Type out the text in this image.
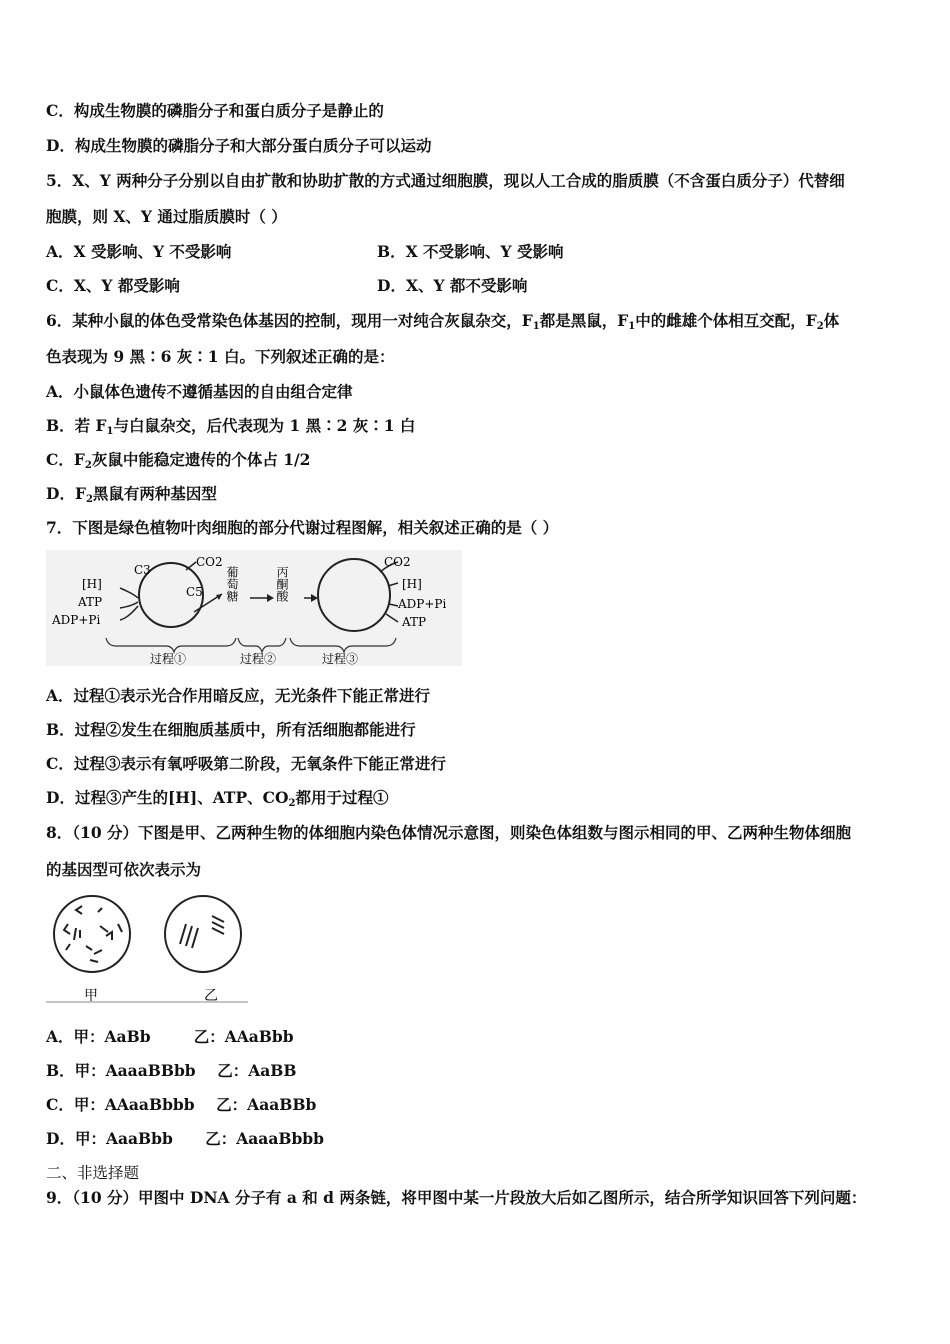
C．构成生物膜的磷脂分子和蛋白质分子是静止的
D．构成生物膜的磷脂分子和大部分蛋白质分子可以运动
5．X、Y 两种分子分别以自由扩散和协助扩散的方式通过细胞膜，现以人工合成的脂质膜（不含蛋白质分子）代替细
胞膜，则 X、Y 通过脂质膜时（ ）
A．X 受影响、Y 不受影响	B．X 不受影响、Y 受影响
C．X、Y 都受影响	D．X、Y 都不受影响
6．某种小鼠的体色受常染色体基因的控制，现用一对纯合灰鼠杂交，$F_1$都是黑鼠，$F_1$中的雌雄个体相互交配，$F_2$体
色表现为 9 黑∶6 灰∶1 白。下列叙述正确的是：
A．小鼠体色遗传不遵循基因的自由组合定律
B．若 $F_1$与白鼠杂交，后代表现为 1 黑∶2 灰∶1 白
C．$F_2$灰鼠中能稳定遗传的个体占 1/2
D．$F_2$黑鼠有两种基因型
7．下图是绿色植物叶肉细胞的部分代谢过程图解，相关叙述正确的是（ ）
[H]
ATP
ADP+Pi
C3
C5
CO2
葡萄糖	丙酮酸
CO2
[H]
ADP+Pi
ATP
过程①	过程②	过程③
A．过程①表示光合作用暗反应，无光条件下能正常进行
B．过程②发生在细胞质基质中，所有活细胞都能进行
C．过程③表示有氧呼吸第二阶段，无氧条件下能正常进行
D．过程③产生的[H]、ATP、$CO_2$都用于过程①
8．（10 分）下图是甲、乙两种生物的体细胞内染色体情况示意图，则染色体组数与图示相同的甲、乙两种生物体细胞
的基因型可依次表示为
甲	乙
A．甲：AaBb        乙：AAaBbb
B．甲：AaaaBBbb    乙：AaBB
C．甲：AAaaBbbb    乙：AaaBBb
D．甲：AaaBbb      乙：AaaaBbbb
二、非选择题
9．（10 分）甲图中 DNA 分子有 a 和 d 两条链，将甲图中某一片段放大后如乙图所示，结合所学知识回答下列问题：
